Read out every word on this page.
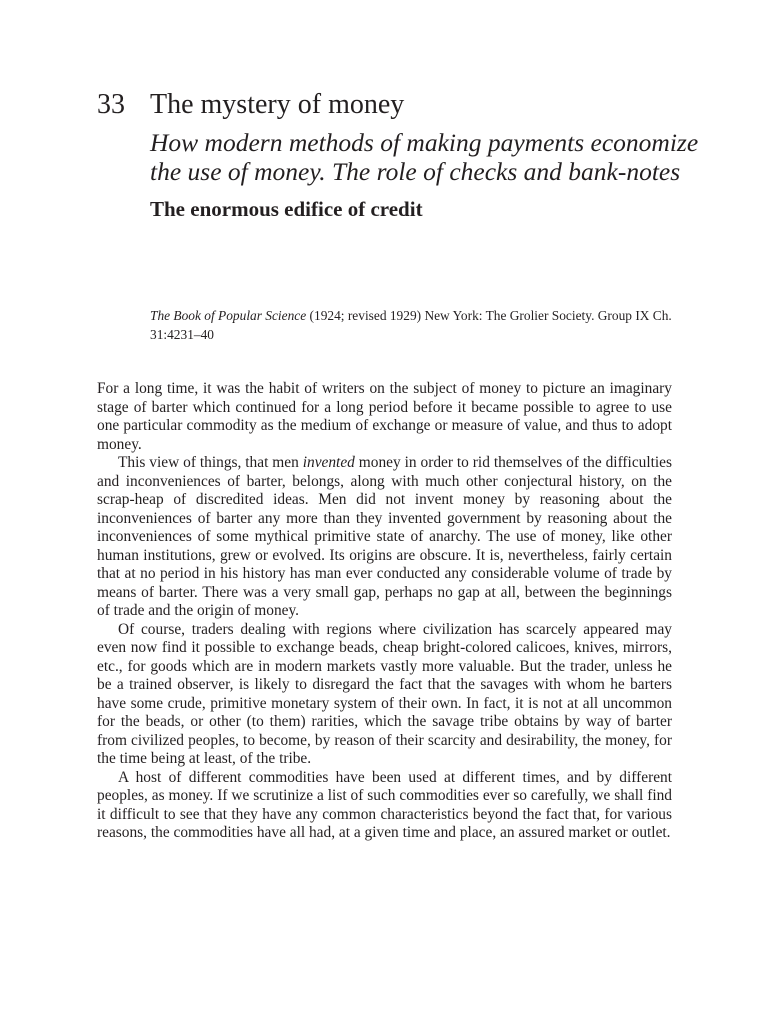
33 The mystery of money

How modern methods of making payments economize the use of money. The role of checks and bank-notes

The enormous edifice of credit
The Book of Popular Science (1924; revised 1929) New York: The Grolier Society. Group IX Ch. 31:4231–40

For a long time, it was the habit of writers on the subject of money to picture an imaginary stage of barter which continued for a long period before it became possible to agree to use one particular commodity as the medium of exchange or measure of value, and thus to adopt money.

This view of things, that men invented money in order to rid themselves of the difficulties and inconveniences of barter, belongs, along with much other conjectural history, on the scrap-heap of discredited ideas. Men did not invent money by reasoning about the inconveniences of barter any more than they invented government by reasoning about the inconveniences of some mythical primitive state of anarchy. The use of money, like other human institutions, grew or evolved. Its origins are obscure. It is, nevertheless, fairly certain that at no period in his history has man ever conducted any considerable volume of trade by means of barter. There was a very small gap, perhaps no gap at all, between the beginnings of trade and the origin of money.

Of course, traders dealing with regions where civilization has scarcely appeared may even now find it possible to exchange beads, cheap bright-colored calicoes, knives, mirrors, etc., for goods which are in modern markets vastly more valuable. But the trader, unless he be a trained observer, is likely to disregard the fact that the savages with whom he barters have some crude, primitive monetary system of their own. In fact, it is not at all uncommon for the beads, or other (to them) rarities, which the savage tribe obtains by way of barter from civilized peoples, to become, by reason of their scarcity and desirability, the money, for the time being at least, of the tribe.

A host of different commodities have been used at different times, and by different peoples, as money. If we scrutinize a list of such commodities ever so carefully, we shall find it difficult to see that they have any common characteristics beyond the fact that, for various reasons, the commodities have all had, at a given time and place, an assured market or outlet.
